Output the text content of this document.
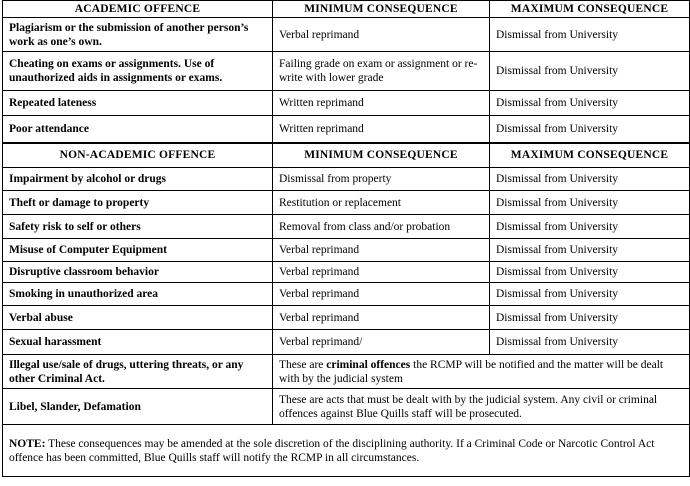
ACADEMIC OFFENCE	MINIMUM CONSEQUENCE	MAXIMUM CONSEQUENCE
Plagiarism or the submission of another person’s work as one’s own.	Verbal reprimand	Dismissal from University
Cheating on exams or assignments. Use of unauthorized aids in assignments or exams.	Failing grade on exam or assignment or re-write with lower grade	Dismissal from University
Repeated lateness	Written reprimand	Dismissal from University
Poor attendance	Written reprimand	Dismissal from University
NON-ACADEMIC OFFENCE	MINIMUM CONSEQUENCE	MAXIMUM CONSEQUENCE
Impairment by alcohol or drugs	Dismissal from property	Dismissal from University
Theft or damage to property	Restitution or replacement	Dismissal from University
Safety risk to self or others	Removal from class and/or probation	Dismissal from University
Misuse of Computer Equipment	Verbal reprimand	Dismissal from University
Disruptive classroom behavior	Verbal reprimand	Dismissal from University
Smoking in unauthorized area	Verbal reprimand	Dismissal from University
Verbal abuse	Verbal reprimand	Dismissal from University
Sexual harassment	Verbal reprimand/	Dismissal from University
Illegal use/sale of drugs, uttering threats, or any other Criminal Act.	These are criminal offences the RCMP will be notified and the matter will be dealt with by the judicial system	
Libel, Slander, Defamation	These are acts that must be dealt with by the judicial system. Any civil or criminal offences against Blue Quills staff will be prosecuted.	
NOTE: These consequences may be amended at the sole discretion of the disciplining authority. If a Criminal Code or Narcotic Control Act offence has been committed, Blue Quills staff will notify the RCMP in all circumstances.		
